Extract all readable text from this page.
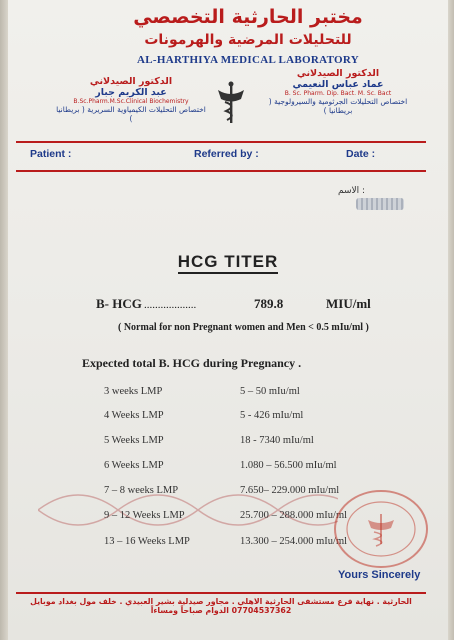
مختبر الحارثية التخصصي
للتحليلات المرضية والهرمونات
AL-HARTHIYA MEDICAL LABORATORY
الدكتور الصيدلاني
عبد الكريم جبار
B.Sc.Pharm.M.Sc.Clinical Biochemistry
اختصاص التحليلات الكيمياوية السريرية ( بريطانيا )
الدكتور الصيدلاني
عماد عباس النعيمي
B. Sc. Pharm. Dip. Bact. M. Sc. Bact
اختصاص التحليلات الجرثومية والسيرولوجية ( بريطانيا )
Patient :	Referred by :	Date :
الاسم :
HCG TITER
B- HCG ...................	789.8	MIU/ml
( Normal for non Pregnant women and Men < 0.5 mIu/ml )
Expected total B. HCG during Pregnancy .
3 weeks LMP	5 – 50 mIu/ml
4 Weeks LMP	5 - 426 mIu/ml
5 Weeks LMP	18 - 7340 mIu/ml
6 Weeks LMP	1.080 – 56.500 mIu/ml
7 – 8 weeks LMP	7.650– 229.000 mIu/ml
9 – 12 Weeks LMP	25.700 – 288.000 mIu/ml
13 – 16 Weeks LMP	13.300 – 254.000 mIu/ml
Yours Sincerely
الحارثية . نهاية فرع مستشفى الحارثية الاهلي . مجاور صيدلية بشير العبيدي . خلف مول بغداد موبايل 07704537362 الدوام صباحاً ومساءاً
